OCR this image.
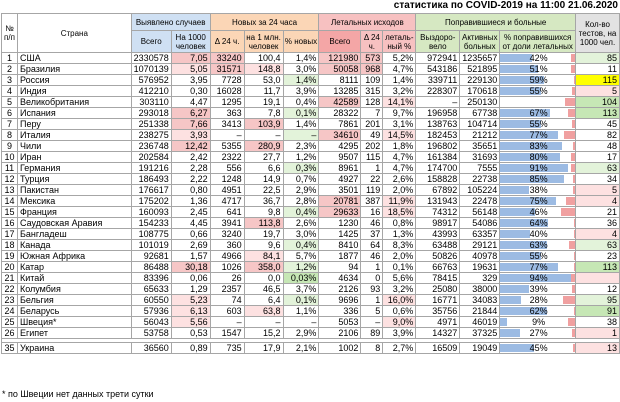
статистика по COVID-2019 на 11:00 21.06.2020
№ п/п	Страна	Выявлено случаев		Новых за 24 часа			Летальных исходов			Поправившиеся и больные			Кол-во тестов, на 1000 чел.
		Всего	На 1000 человек	Δ 24 ч.	на 1 млн. человек	% новых	Всего	Δ 24 ч.	леталь-ный %	Выздоро-вело	Активных больных	% поправившихся от доли летальных	
1	США	2330578	7,05	33240	100,4	1,4%	121980	573	5,2%	972941	1235657	42%	85
2	Бразилия	1070139	5,05	31571	148,8	3,0%	50058	968	4,7%	543186	521895	51%	11
3	Россия	576952	3,95	7728	53,0	1,4%	8111	109	1,4%	339711	229130	59%	115
4	Индия	412210	0,30	16028	11,7	3,9%	13285	315	3,2%	228307	170618	55%	5
5	Великобритания	303110	4,47	1295	19,1	0,4%	42589	128	14,1%	–	250130		104
6	Испания	293018	6,27	363	7,8	0,1%	28322	7	9,7%	196958	67738	67%	113
7	Перу	251338	7,66	3413	103,9	1,4%	7861	201	3,1%	138763	104714	55%	45
8	Италия	238275	3,93	–	–	–	34610	49	14,5%	182453	21212	77%	82
9	Чили	236748	12,42	5355	280,9	2,3%	4295	202	1,8%	196802	35651	83%	48
10	Иран	202584	2,42	2322	27,7	1,2%	9507	115	4,7%	161384	31693	80%	17
11	Германия	191216	2,28	556	6,6	0,3%	8961	1	4,7%	174700	7555	91%	63
12	Турция	186493	2,22	1248	14,9	0,7%	4927	22	2,6%	158828	22738	85%	34
13	Пакистан	176617	0,80	4951	22,5	2,9%	3501	119	2,0%	67892	105224	38%	5
14	Мексика	175202	1,36	4717	36,7	2,8%	20781	387	11,9%	131943	22478	75%	4
15	Франция	160093	2,45	641	9,8	0,4%	29633	16	18,5%	74312	56148	46%	21
16	Саудовская Аравия	154233	4,45	3941	113,8	2,6%	1230	46	0,8%	98917	54086	64%	36
17	Бангладеш	108775	0,66	3240	19,7	3,0%	1425	37	1,3%	43993	63357	40%	4
18	Канада	101019	2,69	360	9,6	0,4%	8410	64	8,3%	63488	29121	63%	63
19	Южная Африка	92681	1,57	4966	84,1	5,7%	1877	46	2,0%	50826	40978	55%	23
20	Катар	86488	30,18	1026	358,0	1,2%	94	1	0,1%	66763	19631	77%	113
21	Китай	83396	0,06	26	0,0	0,03%	4634	0	5,6%	78415	329	94%	
22	Колумбия	65633	1,29	2357	46,5	3,7%	2126	93	3,2%	25080	38000	39%	12
23	Бельгия	60550	5,23	74	6,4	0,1%	9696	1	16,0%	16771	34083	28%	95
24	Беларусь	57936	6,13	603	63,8	1,1%	336	5	0,6%	35756	21844	62%	91
25	Швеция*	56043	5,56	–	–	–	5053	–	9,0%	4971	46019	9%	38
26	Египет	53758	0,53	1547	15,2	2,9%	2106	89	3,9%	14327	37325	27%	1

35	Украина	36560	0,89	735	17,9	2,1%	1002	8	2,7%	16509	19049	45%	13
* по Швеции нет данных трети сутки
